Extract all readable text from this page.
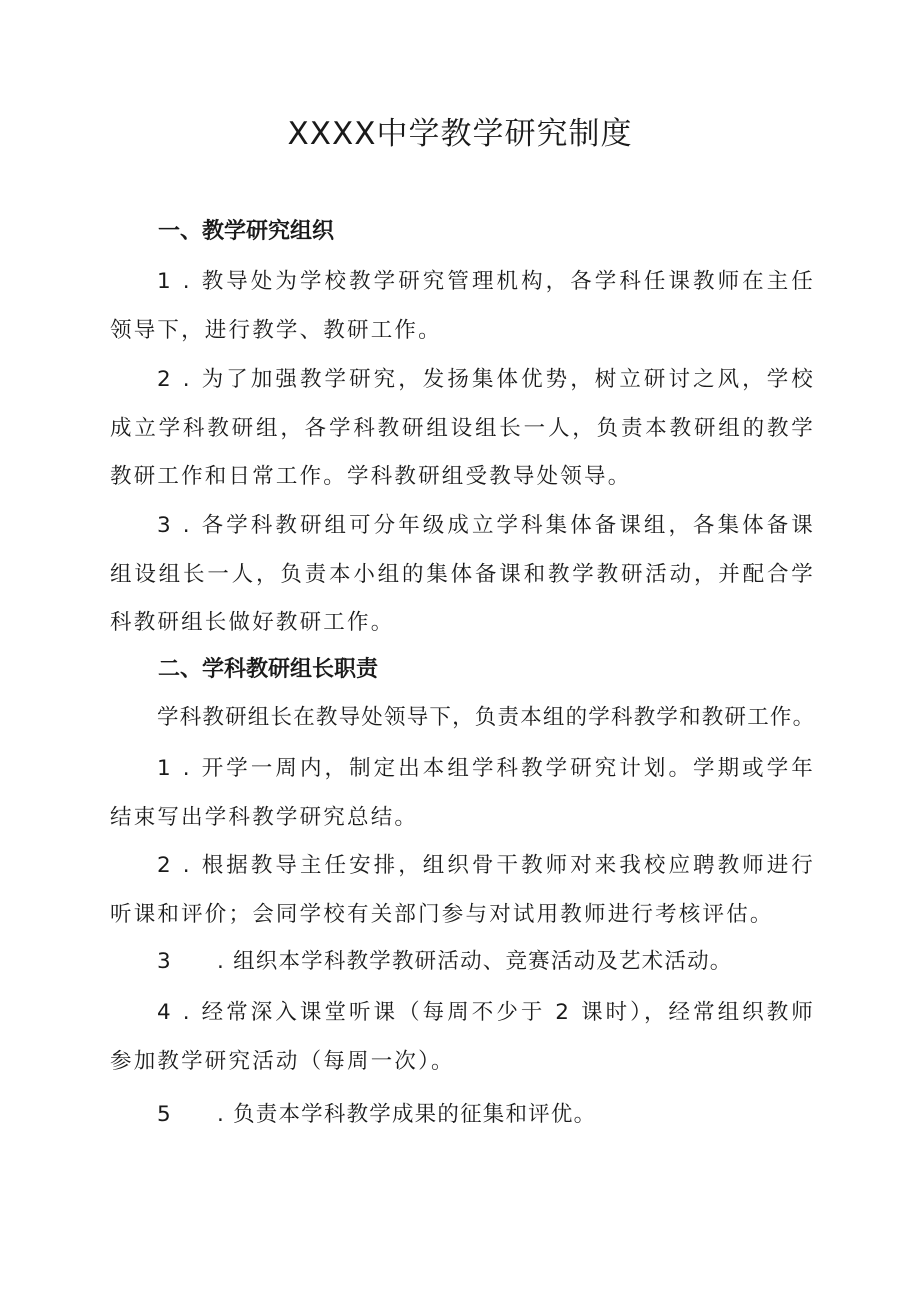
XXXX中学教学研究制度
一、教学研究组织
1 . 教导处为学校教学研究管理机构，各学科任课教师在主任领导下，进行教学、教研工作。
2 . 为了加强教学研究，发扬集体优势，树立研讨之风，学校成立学科教研组，各学科教研组设组长一人，负责本教研组的教学教研工作和日常工作。学科教研组受教导处领导。
3 . 各学科教研组可分年级成立学科集体备课组，各集体备课组设组长一人，负责本小组的集体备课和教学教研活动，并配合学科教研组长做好教研工作。
二、学科教研组长职责
学科教研组长在教导处领导下，负责本组的学科教学和教研工作。
1 . 开学一周内，制定出本组学科教学研究计划。学期或学年结束写出学科教学研究总结。
2 . 根据教导主任安排，组织骨干教师对来我校应聘教师进行听课和评价；会同学校有关部门参与对试用教师进行考核评估。
3 . 组织本学科教学教研活动、竞赛活动及艺术活动。
4 . 经常深入课堂听课（每周不少于 2 课时），经常组织教师参加教学研究活动（每周一次）。
5 . 负责本学科教学成果的征集和评优。
